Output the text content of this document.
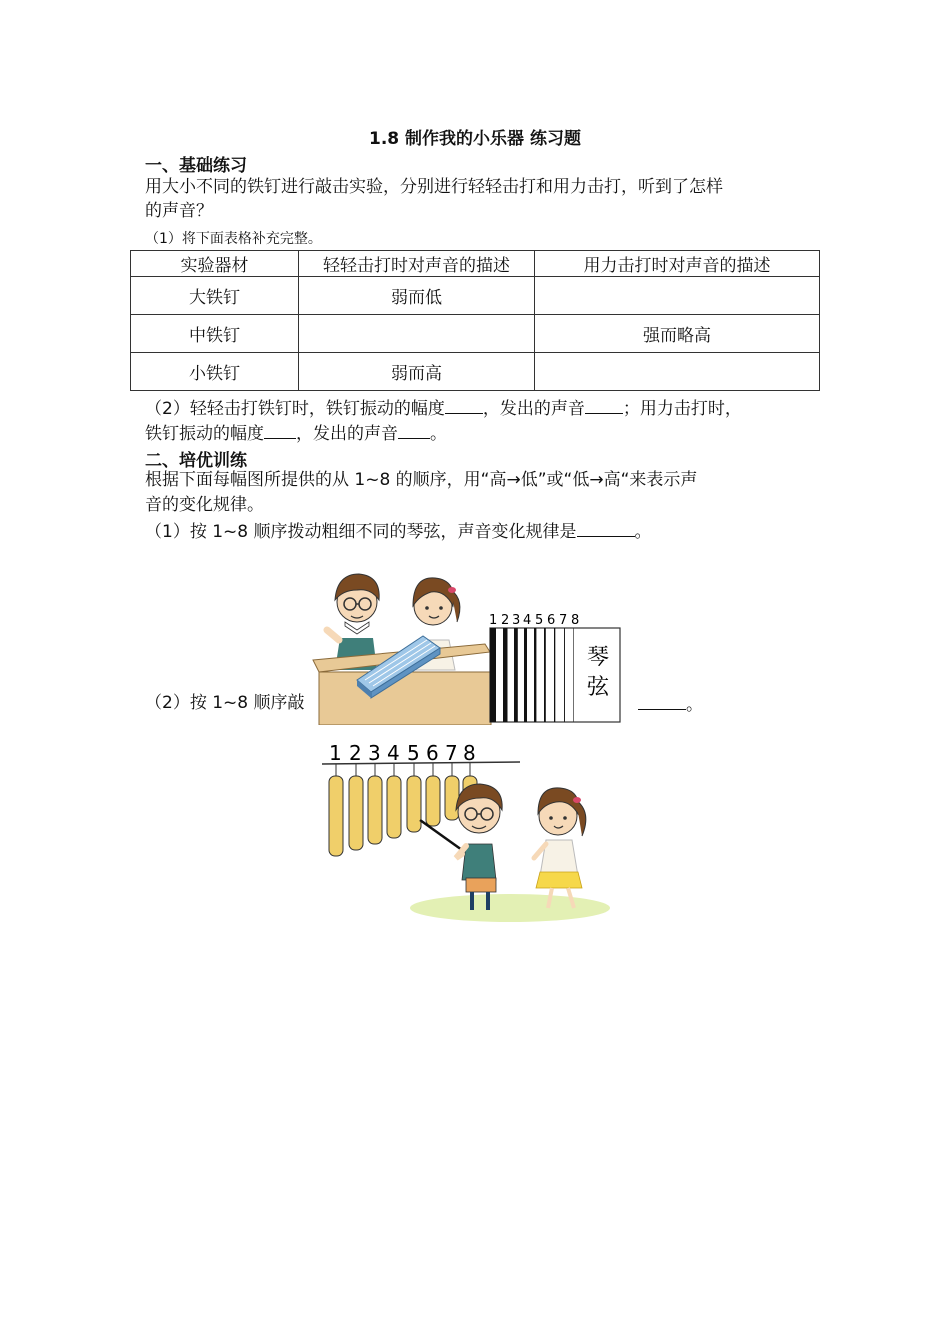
1.8 制作我的小乐器 练习题
一、基础练习
用大小不同的铁钉进行敲击实验，分别进行轻轻击打和用力击打，听到了怎样
的声音？
（1）将下面表格补充完整。
实验器材	轻轻击打时对声音的描述	用力击打时对声音的描述
大铁钉	弱而低	
中铁钉		强而略高
小铁钉	弱而高	
（2）轻轻击打铁钉时，铁钉振动的幅度 ，发出的声音 ；用力击打时，
铁钉振动的幅度 ，发出的声音 。
二、培优训练
根据下面每幅图所提供的从 1~8 的顺序，用“高→低”或“低→高“来表示声
音的变化规律。
（1）按 1~8 顺序拨动粗细不同的琴弦，声音变化规律是	。
1 2 3 4 5 6 7 8
琴
弦
（2）按 1~8 顺序敲	。
1 2 3 4 5 6 7 8
